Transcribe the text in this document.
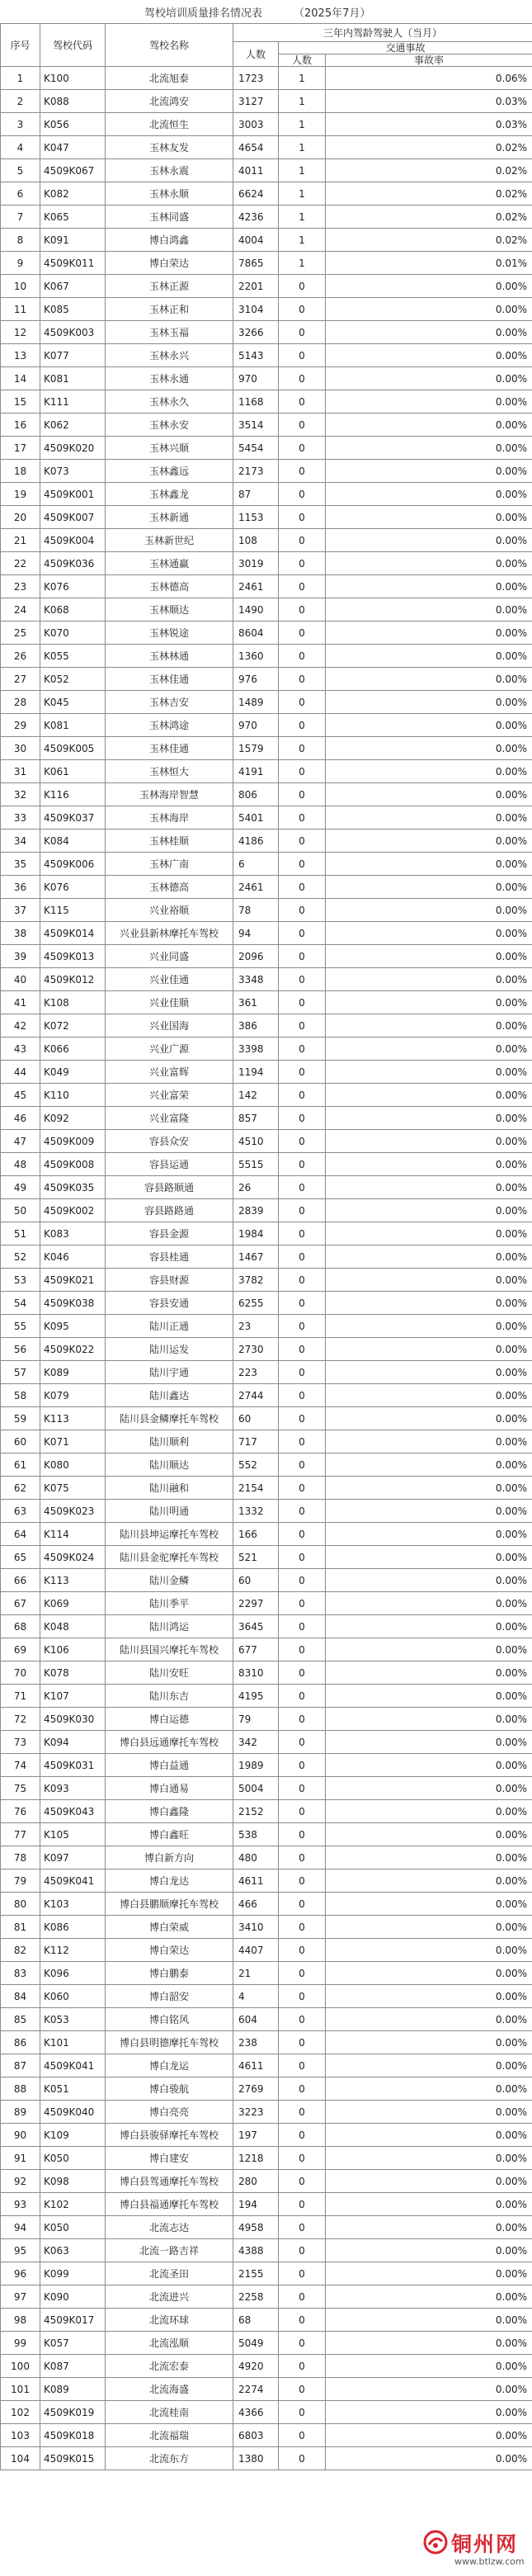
驾校培训质量排名情况表	（2025年7月）
序号	驾校代码	驾校名称	三年内驾龄驾驶人（当月）		
			人数	交通事故	
				人数	事故率
1	K100	北流旭泰	1723	1	0.06%
2	K088	北流鸿安	3127	1	0.03%
3	K056	北流恒生	3003	1	0.03%
4	K047	玉林友发	4654	1	0.02%
5	4509K067	玉林永震	4011	1	0.02%
6	K082	玉林永顺	6624	1	0.02%
7	K065	玉林同盛	4236	1	0.02%
8	K091	博白鸿鑫	4004	1	0.02%
9	4509K011	博白荣达	7865	1	0.01%
10	K067	玉林正源	2201	0	0.00%
11	K085	玉林正和	3104	0	0.00%
12	4509K003	玉林玉福	3266	0	0.00%
13	K077	玉林永兴	5143	0	0.00%
14	K081	玉林永通	970	0	0.00%
15	K111	玉林永久	1168	0	0.00%
16	K062	玉林永安	3514	0	0.00%
17	4509K020	玉林兴顺	5454	0	0.00%
18	K073	玉林鑫远	2173	0	0.00%
19	4509K001	玉林鑫龙	87	0	0.00%
20	4509K007	玉林新通	1153	0	0.00%
21	4509K004	玉林新世纪	108	0	0.00%
22	4509K036	玉林通赢	3019	0	0.00%
23	K076	玉林德高	2461	0	0.00%
24	K068	玉林顺达	1490	0	0.00%
25	K070	玉林锐途	8604	0	0.00%
26	K055	玉林林通	1360	0	0.00%
27	K052	玉林佳通	976	0	0.00%
28	K045	玉林吉安	1489	0	0.00%
29	K081	玉林鸿途	970	0	0.00%
30	4509K005	玉林佳通	1579	0	0.00%
31	K061	玉林恒大	4191	0	0.00%
32	K116	玉林海岸智慧	806	0	0.00%
33	4509K037	玉林海岸	5401	0	0.00%
34	K084	玉林桂顺	4186	0	0.00%
35	4509K006	玉林广南	6	0	0.00%
36	K076	玉林德高	2461	0	0.00%
37	K115	兴业裕顺	78	0	0.00%
38	4509K014	兴业县新林摩托车驾校	94	0	0.00%
39	4509K013	兴业同盛	2096	0	0.00%
40	4509K012	兴业佳通	3348	0	0.00%
41	K108	兴业佳顺	361	0	0.00%
42	K072	兴业国海	386	0	0.00%
43	K066	兴业广源	3398	0	0.00%
44	K049	兴业富辉	1194	0	0.00%
45	K110	兴业富荣	142	0	0.00%
46	K092	兴业富隆	857	0	0.00%
47	4509K009	容县众安	4510	0	0.00%
48	4509K008	容县运通	5515	0	0.00%
49	4509K035	容县路顺通	26	0	0.00%
50	4509K002	容县路路通	2839	0	0.00%
51	K083	容县金源	1984	0	0.00%
52	K046	容县桂通	1467	0	0.00%
53	4509K021	容县财源	3782	0	0.00%
54	4509K038	容县安通	6255	0	0.00%
55	K095	陆川正通	23	0	0.00%
56	4509K022	陆川运发	2730	0	0.00%
57	K089	陆川宇通	223	0	0.00%
58	K079	陆川鑫达	2744	0	0.00%
59	K113	陆川县金鳞摩托车驾校	60	0	0.00%
60	K071	陆川顺利	717	0	0.00%
61	K080	陆川顺达	552	0	0.00%
62	K075	陆川融和	2154	0	0.00%
63	4509K023	陆川明通	1332	0	0.00%
64	K114	陆川县坤运摩托车驾校	166	0	0.00%
65	4509K024	陆川县金驼摩托车驾校	521	0	0.00%
66	K113	陆川金鳞	60	0	0.00%
67	K069	陆川季平	2297	0	0.00%
68	K048	陆川鸿运	3645	0	0.00%
69	K106	陆川县国兴摩托车驾校	677	0	0.00%
70	K078	陆川安旺	8310	0	0.00%
71	K107	陆川东吉	4195	0	0.00%
72	4509K030	博白运德	79	0	0.00%
73	K094	博白县远通摩托车驾校	342	0	0.00%
74	4509K031	博白益通	1989	0	0.00%
75	K093	博白通易	5004	0	0.00%
76	4509K043	博白鑫隆	2152	0	0.00%
77	K105	博白鑫旺	538	0	0.00%
78	K097	博白新方向	480	0	0.00%
79	4509K041	博白龙达	4611	0	0.00%
80	K103	博白县鹏顺摩托车驾校	466	0	0.00%
81	K086	博白荣威	3410	0	0.00%
82	K112	博白荣达	4407	0	0.00%
83	K096	博白鹏泰	21	0	0.00%
84	K060	博白韶安	4	0	0.00%
85	K053	博白铭风	604	0	0.00%
86	K101	博白县明德摩托车驾校	238	0	0.00%
87	4509K041	博白龙运	4611	0	0.00%
88	K051	博白骏航	2769	0	0.00%
89	4509K040	博白亮亮	3223	0	0.00%
90	K109	博白县骏驿摩托车驾校	197	0	0.00%
91	K050	博白建安	1218	0	0.00%
92	K098	博白县驾通摩托车驾校	280	0	0.00%
93	K102	博白县福通摩托车驾校	194	0	0.00%
94	K050	北流志达	4958	0	0.00%
95	K063	北流一路吉祥	4388	0	0.00%
96	K099	北流圣田	2155	0	0.00%
97	K090	北流进兴	2258	0	0.00%
98	4509K017	北流环球	68	0	0.00%
99	K057	北流泓顺	5049	0	0.00%
100	K087	北流宏泰	4920	0	0.00%
101	K089	北流海盛	2274	0	0.00%
102	4509K019	北流桂南	4366	0	0.00%
103	4509K018	北流福瑞	6803	0	0.00%
104	4509K015	北流东方	1380	0	0.00%
铜州网
www.btlzw.com
